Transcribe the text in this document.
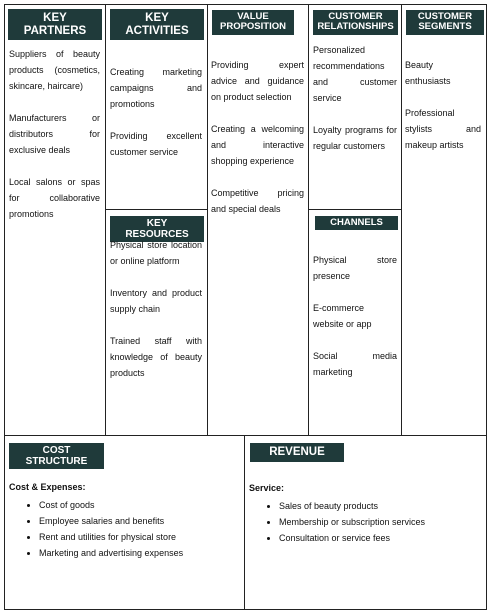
KEY PARTNERS

Suppliers of beauty products (cosmetics, skincare, haircare)

Manufacturers or distributors for exclusive deals

Local salons or spas for collaborative promotions

KEY ACTIVITIES

Creating marketing campaigns and promotions

Providing excellent customer service

KEY RESOURCES

Physical store location or online platform

Inventory and product supply chain

Trained staff with knowledge of beauty products

VALUE
PROPOSITION

Providing expert advice and guidance on product selection

Creating a welcoming and interactive shopping experience

Competitive pricing and special deals

CUSTOMER
RELATIONSHIPS

Personalized recommendations and customer service

Loyalty programs for regular customers

CHANNELS

Physical store presence

E-commerce website or app

Social media marketing

CUSTOMER
SEGMENTS

Beauty enthusiasts

Professional stylists and makeup artists

COST STRUCTURE
Cost & Expenses:
• Cost of goods
• Employee salaries and benefits
• Rent and utilities for physical store
• Marketing and advertising expenses
REVENUE
Service:
• Sales of beauty products
• Membership or subscription services
• Consultation or service fees
